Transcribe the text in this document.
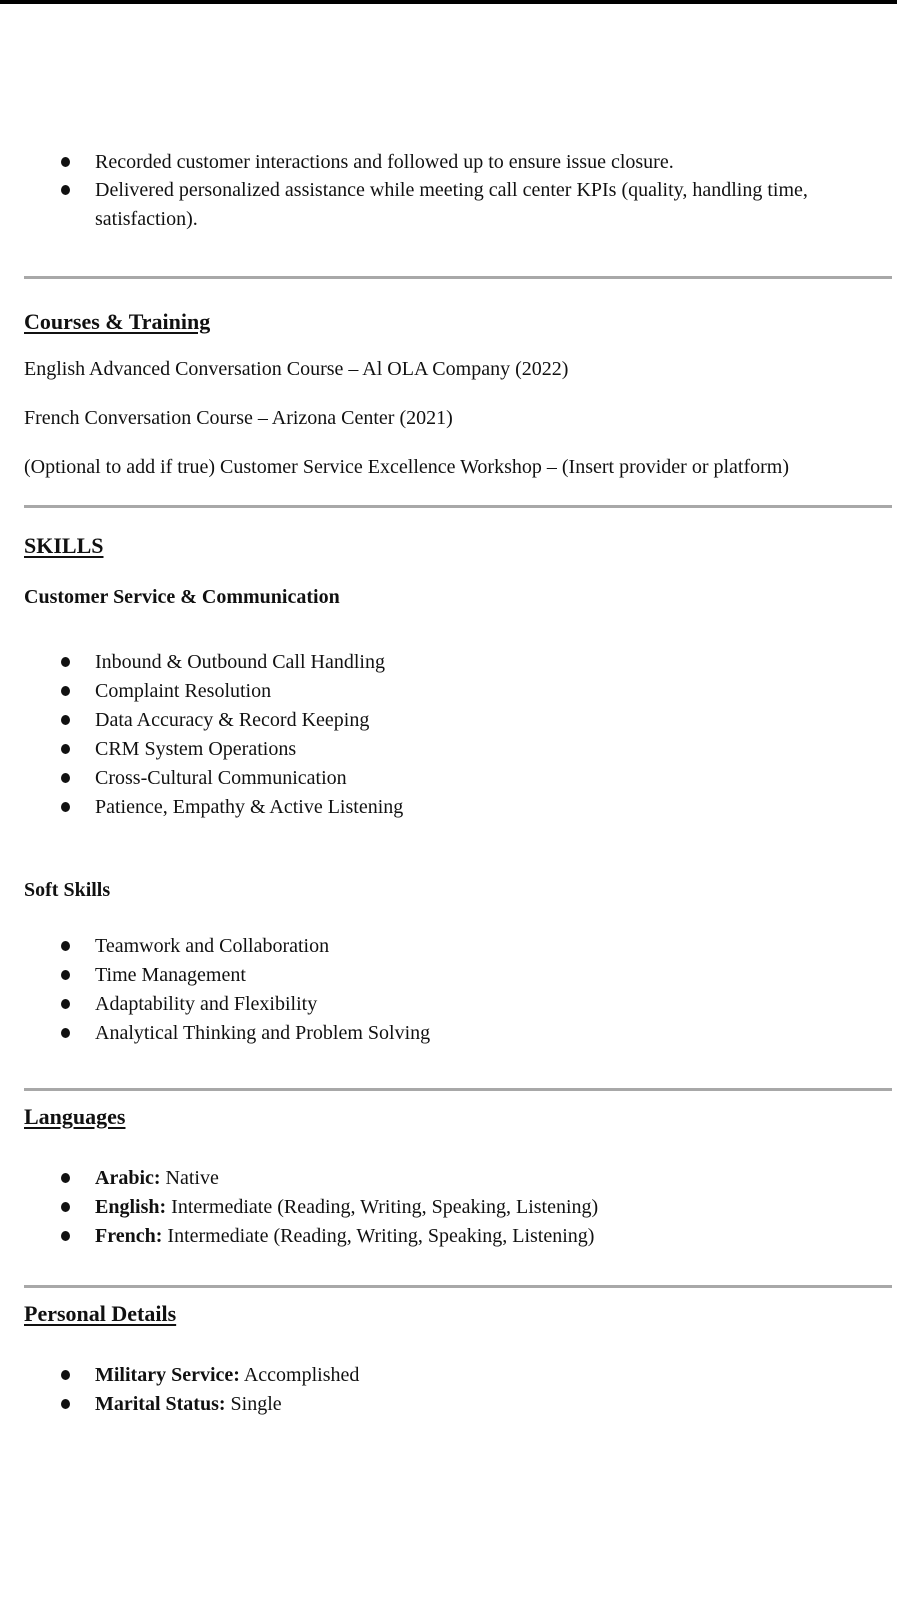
Recorded customer interactions and followed up to ensure issue closure.
Delivered personalized assistance while meeting call center KPIs (quality, handling time,
satisfaction).
Courses & Training
English Advanced Conversation Course – Al OLA Company (2022)
French Conversation Course – Arizona Center (2021)
(Optional to add if true) Customer Service Excellence Workshop – (Insert provider or platform)
SKILLS
Customer Service & Communication
Inbound & Outbound Call Handling
Complaint Resolution
Data Accuracy & Record Keeping
CRM System Operations
Cross-Cultural Communication
Patience, Empathy & Active Listening
Soft Skills
Teamwork and Collaboration
Time Management
Adaptability and Flexibility
Analytical Thinking and Problem Solving
Languages
Arabic: Native
English: Intermediate (Reading, Writing, Speaking, Listening)
French: Intermediate (Reading, Writing, Speaking, Listening)
Personal Details
Military Service: Accomplished
Marital Status: Single
